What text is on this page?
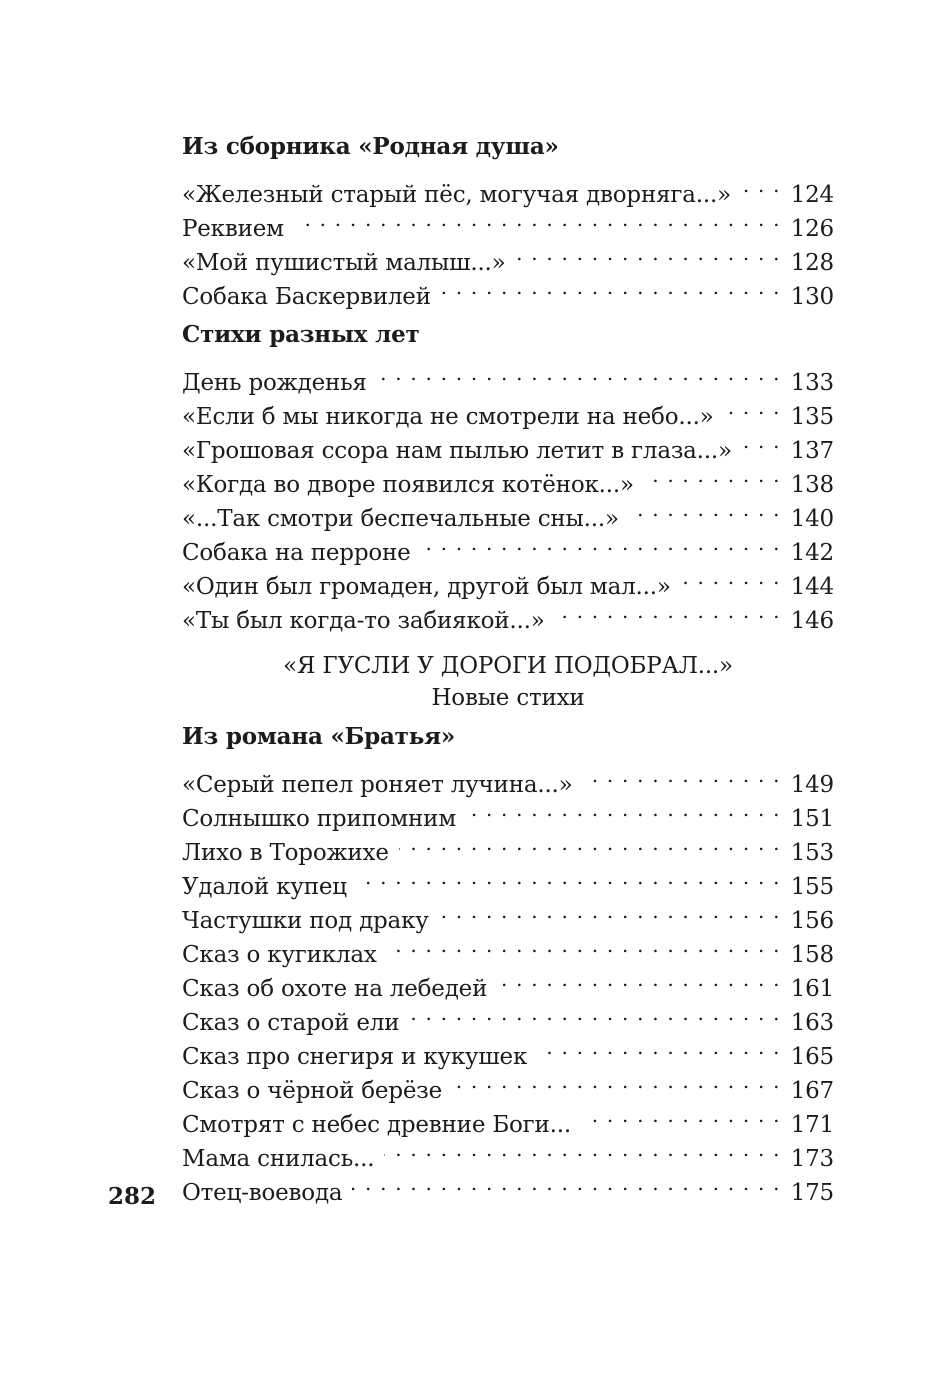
Из сборника «Родная душа»
«Железный старый пёс, могучая дворняга...» . . .	124
Реквием . . .	126
«Мой пушистый малыш...» . . .	128
Собака Баскервилей . . .	130
Стихи разных лет
День рожденья . . .	133
«Если б мы никогда не смотрели на небо...» . . .	135
«Грошовая ссора нам пылью летит в глаза...» . . .	137
«Когда во дворе появился котёнок...» . . .	138
«...Так смотри беспечальные сны...» . . .	140
Собака на перроне . . .	142
«Один был громаден, другой был мал...» . . .	144
«Ты был когда-то забиякой...» . . .	146
«Я ГУСЛИ У ДОРОГИ ПОДОБРАЛ...»
Новые стихи
Из романа «Братья»
«Серый пепел роняет лучина...» . . .	149
Солнышко припомним . . .	151
Лихо в Торожихе . . .	153
Удалой купец . . .	155
Частушки под драку . . .	156
Сказ о кугиклах . . .	158
Сказ об охоте на лебедей . . .	161
Сказ о старой ели . . .	163
Сказ про снегиря и кукушек . . .	165
Сказ о чёрной берёзе . . .	167
Смотрят с небес древние Боги... . . .	171
Мама снилась... . . .	173
Отец-воевода . . .	175
282
